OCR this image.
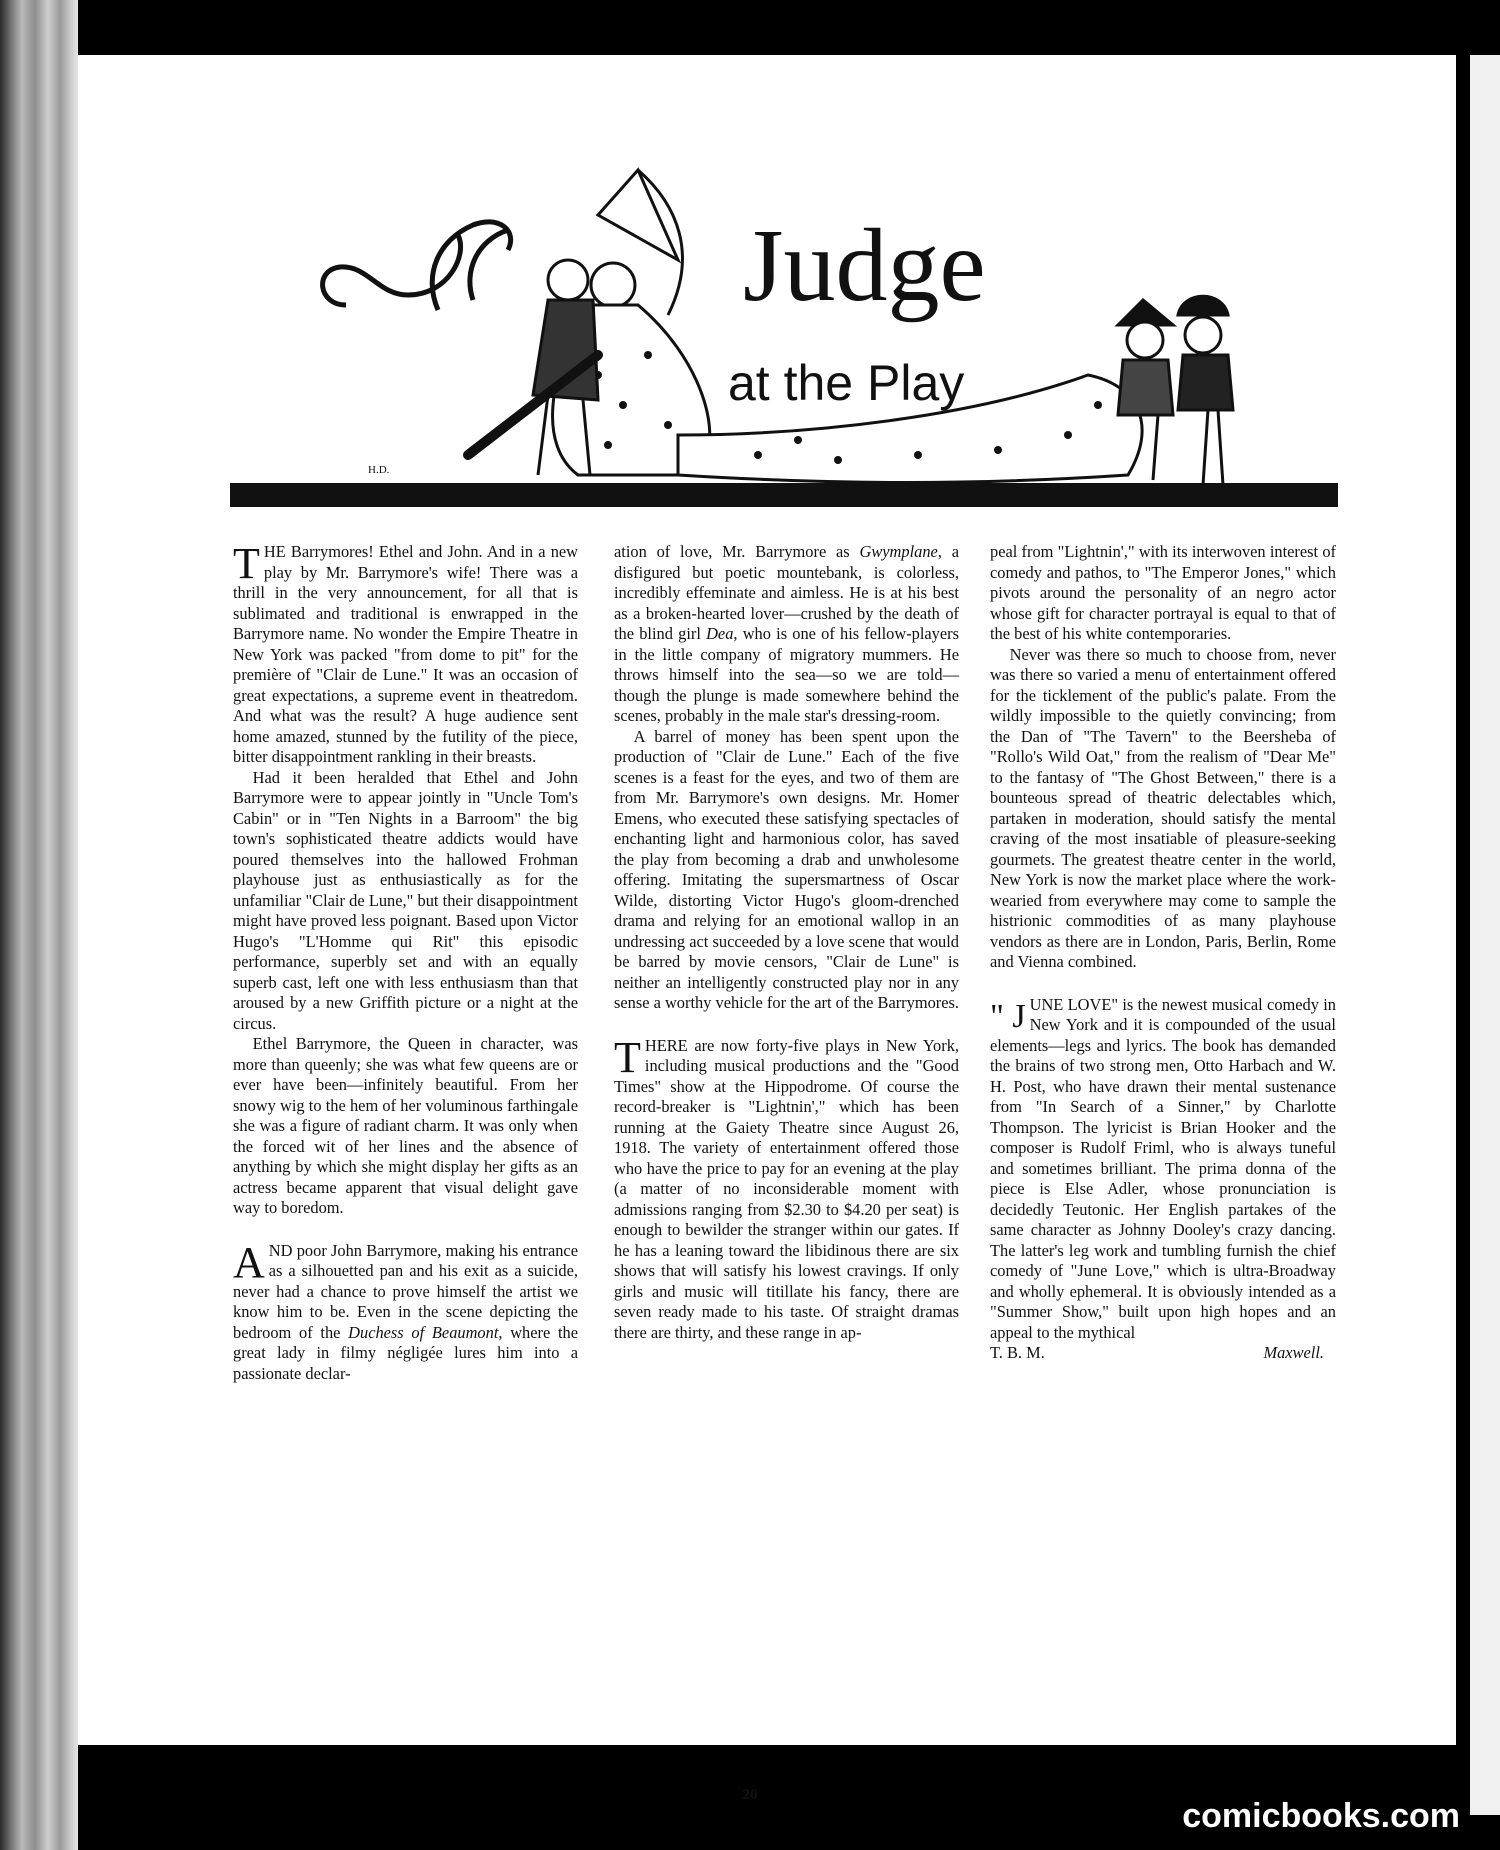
H.D.
Judge
at the Play

THE Barrymores! Ethel and John. And in a new play by Mr. Barrymore's wife! There was a thrill in the very announcement, for all that is sublimated and traditional is enwrapped in the Barrymore name. No wonder the Empire Theatre in New York was packed "from dome to pit" for the première of "Clair de Lune." It was an occasion of great expectations, a supreme event in theatredom. And what was the result? A huge audience sent home amazed, stunned by the futility of the piece, bitter disappointment rankling in their breasts.

Had it been heralded that Ethel and John Barrymore were to appear jointly in "Uncle Tom's Cabin" or in "Ten Nights in a Barroom" the big town's sophisticated theatre addicts would have poured themselves into the hallowed Frohman playhouse just as enthusiastically as for the unfamiliar "Clair de Lune," but their disappointment might have proved less poignant. Based upon Victor Hugo's "L'Homme qui Rit" this episodic performance, superbly set and with an equally superb cast, left one with less enthusiasm than that aroused by a new Griffith picture or a night at the circus.

Ethel Barrymore, the Queen in character, was more than queenly; she was what few queens are or ever have been—infinitely beautiful. From her snowy wig to the hem of her voluminous farthingale she was a figure of radiant charm. It was only when the forced wit of her lines and the absence of anything by which she might display her gifts as an actress became apparent that visual delight gave way to boredom.

AND poor John Barrymore, making his entrance as a silhouetted pan and his exit as a suicide, never had a chance to prove himself the artist we know him to be. Even in the scene depicting the bedroom of the Duchess of Beaumont, where the great lady in filmy négligée lures him into a passionate declar-

ation of love, Mr. Barrymore as Gwymplane, a disfigured but poetic mountebank, is colorless, incredibly effeminate and aimless. He is at his best as a broken-hearted lover—crushed by the death of the blind girl Dea, who is one of his fellow-players in the little company of migratory mummers. He throws himself into the sea—so we are told—though the plunge is made somewhere behind the scenes, probably in the male star's dressing-room.

A barrel of money has been spent upon the production of "Clair de Lune." Each of the five scenes is a feast for the eyes, and two of them are from Mr. Barrymore's own designs. Mr. Homer Emens, who executed these satisfying spectacles of enchanting light and harmonious color, has saved the play from becoming a drab and unwholesome offering. Imitating the supersmartness of Oscar Wilde, distorting Victor Hugo's gloom-drenched drama and relying for an emotional wallop in an undressing act succeeded by a love scene that would be barred by movie censors, "Clair de Lune" is neither an intelligently constructed play nor in any sense a worthy vehicle for the art of the Barrymores.

THERE are now forty-five plays in New York, including musical productions and the "Good Times" show at the Hippodrome. Of course the record-breaker is "Lightnin'," which has been running at the Gaiety Theatre since August 26, 1918. The variety of entertainment offered those who have the price to pay for an evening at the play (a matter of no inconsiderable moment with admissions ranging from $2.30 to $4.20 per seat) is enough to bewilder the stranger within our gates. If he has a leaning toward the libidinous there are six shows that will satisfy his lowest cravings. If only girls and music will titillate his fancy, there are seven ready made to his taste. Of straight dramas there are thirty, and these range in ap-

peal from "Lightnin'," with its interwoven interest of comedy and pathos, to "The Emperor Jones," which pivots around the personality of an negro actor whose gift for character portrayal is equal to that of the best of his white contemporaries.

Never was there so much to choose from, never was there so varied a menu of entertainment offered for the ticklement of the public's palate. From the wildly impossible to the quietly convincing; from the Dan of "The Tavern" to the Beersheba of "Rollo's Wild Oat," from the realism of "Dear Me" to the fantasy of "The Ghost Between," there is a bounteous spread of theatric delectables which, partaken in moderation, should satisfy the mental craving of the most insatiable of pleasure-seeking gourmets. The greatest theatre center in the world, New York is now the market place where the work-wearied from everywhere may come to sample the histrionic commodities of as many playhouse vendors as there are in London, Paris, Berlin, Rome and Vienna combined.

" J UNE LOVE" is the newest musical comedy in New York and it is compounded of the usual elements—legs and lyrics. The book has demanded the brains of two strong men, Otto Harbach and W. H. Post, who have drawn their mental sustenance from "In Search of a Sinner," by Charlotte Thompson. The lyricist is Brian Hooker and the composer is Rudolf Friml, who is always tuneful and sometimes brilliant. The prima donna of the piece is Else Adler, whose pronunciation is decidedly Teutonic. Her English partakes of the same character as Johnny Dooley's crazy dancing. The latter's leg work and tumbling furnish the chief comedy of "June Love," which is ultra-Broadway and wholly ephemeral. It is obviously intended as a "Summer Show," built upon high hopes and an appeal to the mythical

T. B. M.	Maxwell.
20
comicbooks.com
